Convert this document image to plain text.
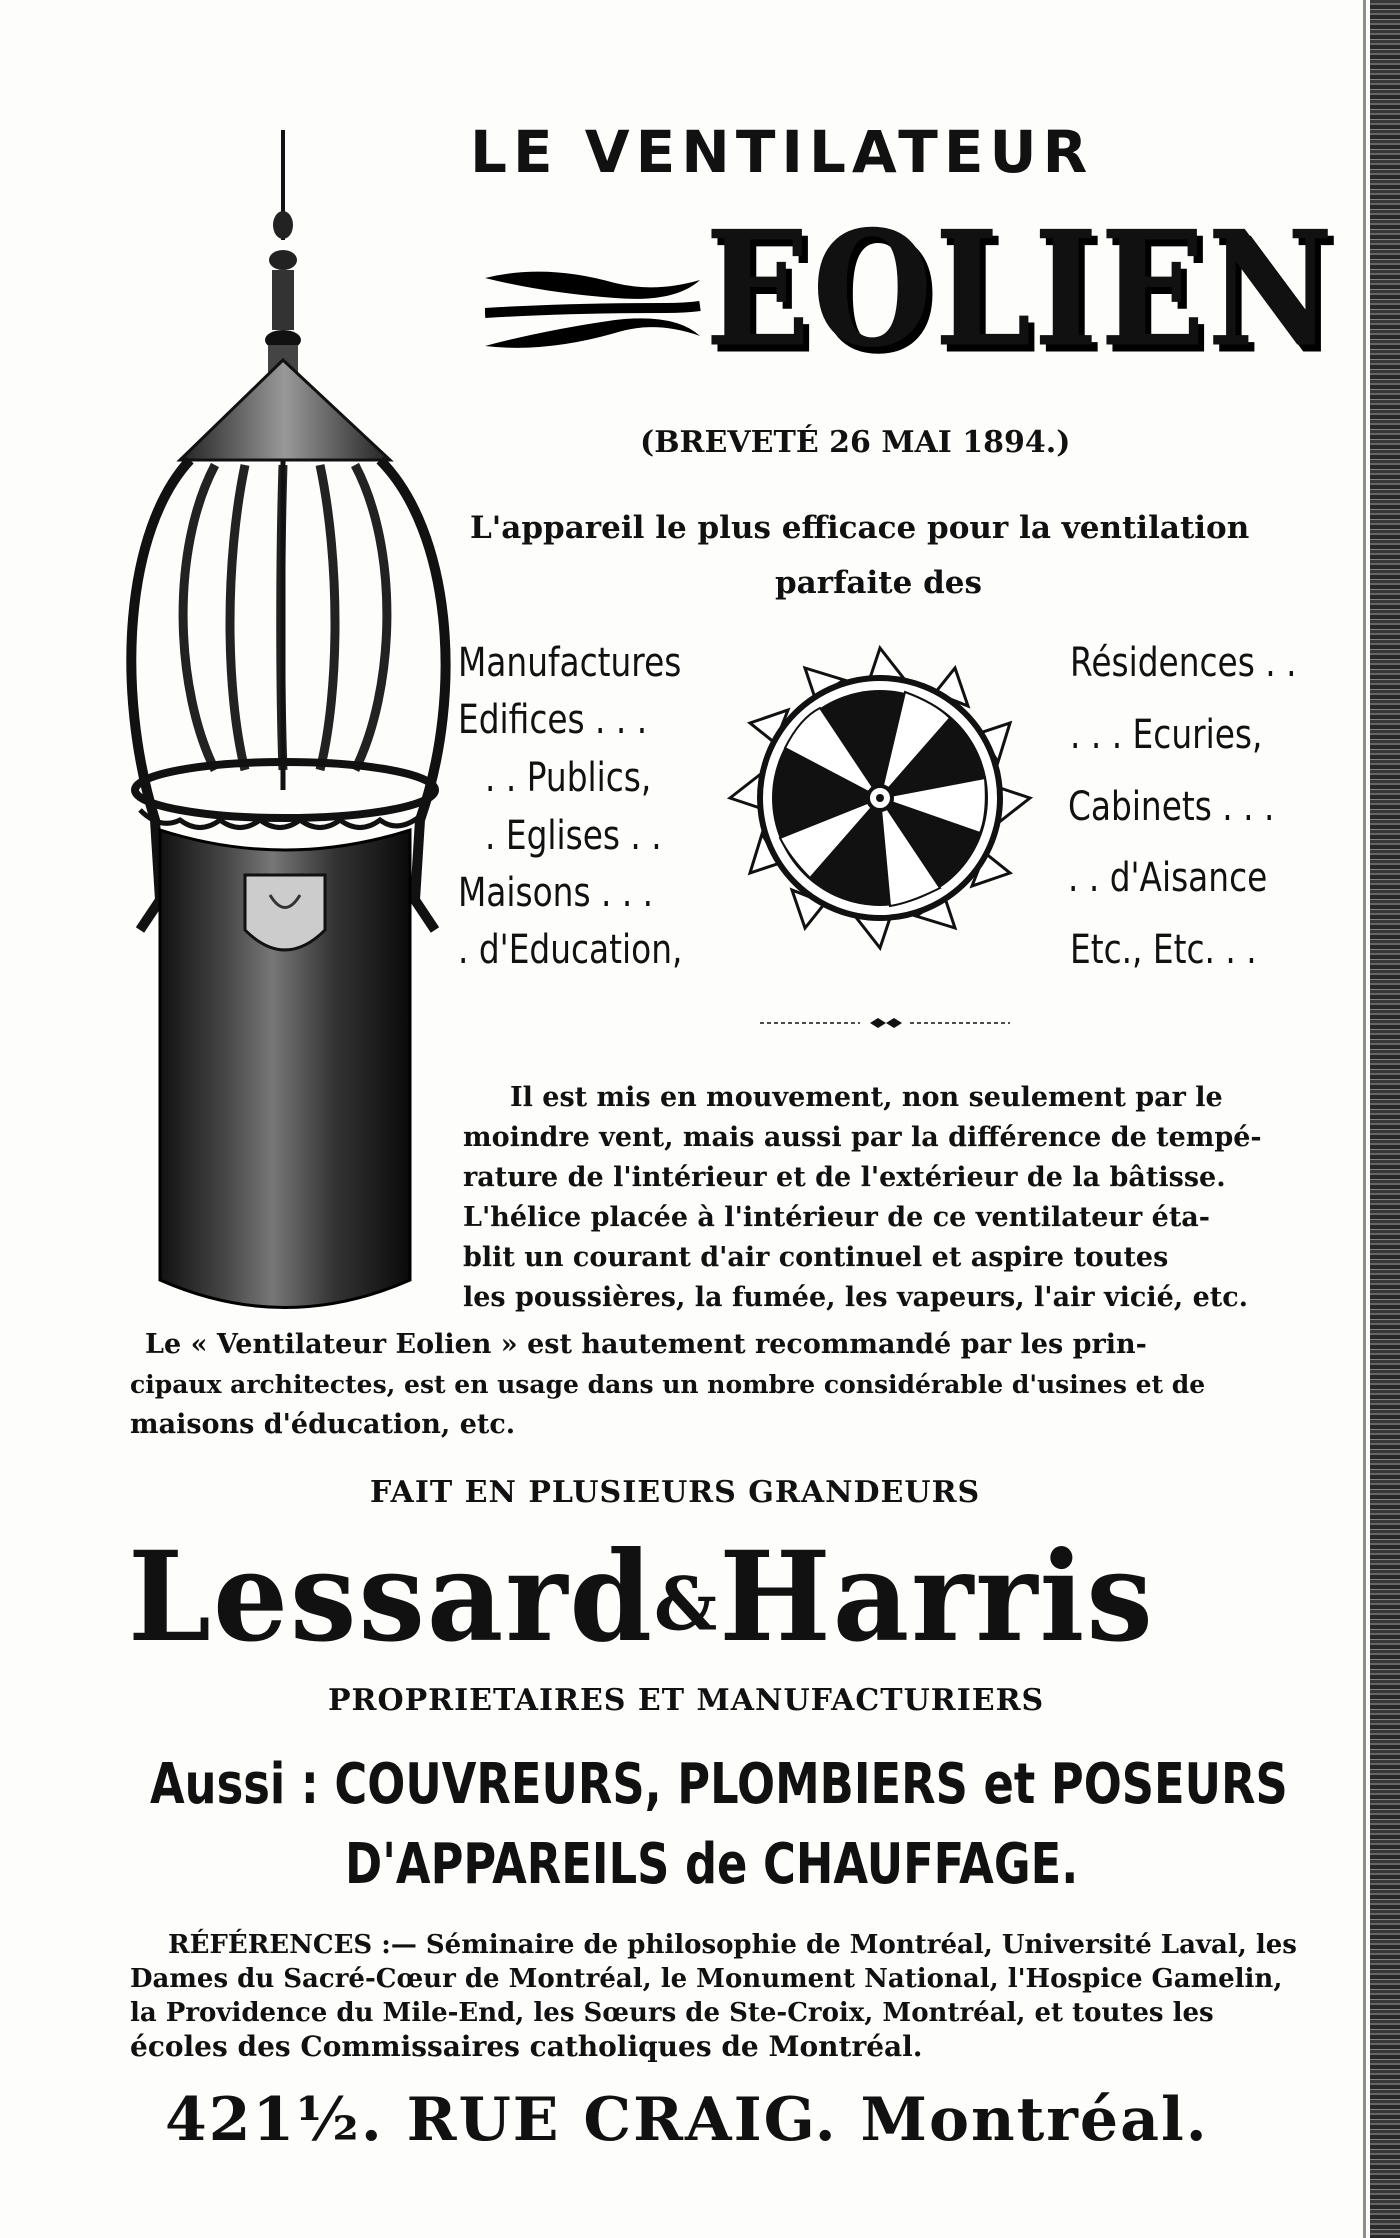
LE VENTILATEUR
EOLIEN
(BREVETÉ 26 MAI 1894.)
L'appareil le plus efficace pour la ventilation
parfaite des
Manufactures
Edifices . . .
. . Publics,
. Eglises . .
Maisons . . .
. d'Education,
Résidences . .
. . . Ecuries,
Cabinets . . .
. . d'Aisance
Etc., Etc. . .
Il est mis en mouvement, non seulement par le
moindre vent, mais aussi par la différence de tempé-
rature de l'intérieur et de l'extérieur de la bâtisse.
L'hélice placée à l'intérieur de ce ventilateur éta-
blit un courant d'air continuel et aspire toutes
les poussières, la fumée, les vapeurs, l'air vicié, etc.
Le « Ventilateur Eolien » est hautement recommandé par les prin-
cipaux architectes, est en usage dans un nombre considérable d'usines et de
maisons d'éducation, etc.
FAIT EN PLUSIEURS GRANDEURS
Lessard&Harris
PROPRIETAIRES ET MANUFACTURIERS
Aussi : COUVREURS, PLOMBIERS et POSEURS
D'APPAREILS de CHAUFFAGE.
RÉFÉRENCES :— Séminaire de philosophie de Montréal, Université Laval, les
Dames du Sacré-Cœur de Montréal, le Monument National, l'Hospice Gamelin,
la Providence du Mile-End, les Sœurs de Ste-Croix, Montréal, et toutes les
écoles des Commissaires catholiques de Montréal.
421½. RUE CRAIG. Montréal.
